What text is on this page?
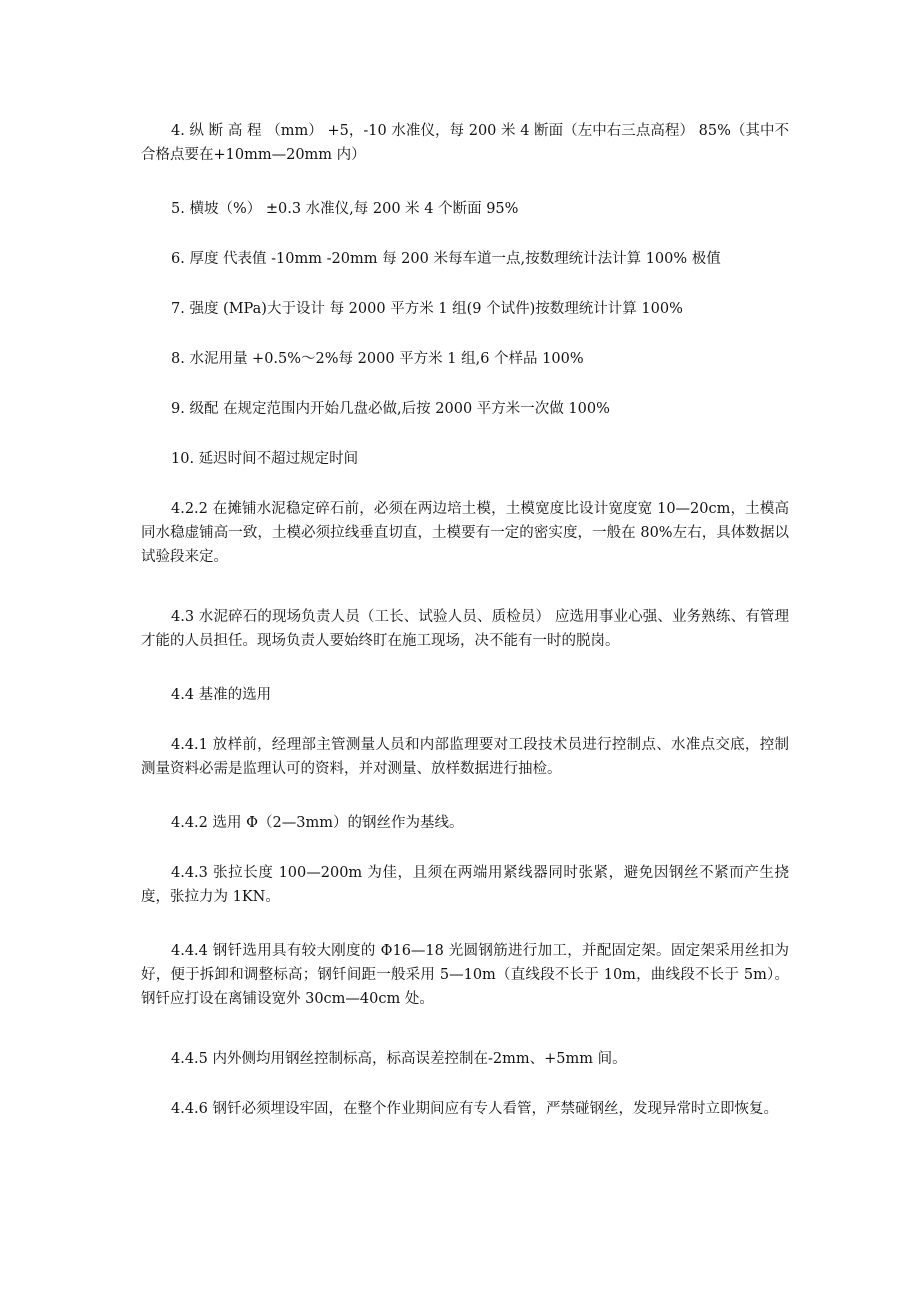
4. 纵 断 高 程 （mm） +5，-10 水准仪，每 200 米 4 断面（左中右三点高程） 85%（其中不合格点要在+10mm—20mm 内）

5. 横坡（%） ±0.3 水准仪,每 200 米 4 个断面 95%

6. 厚度 代表值 -10mm -20mm 每 200 米每车道一点,按数理统计法计算 100% 极值

7. 强度 (MPa)大于设计 每 2000 平方米 1 组(9 个试件)按数理统计计算 100%

8. 水泥用量 +0.5%～2%每 2000 平方米 1 组,6 个样品 100%

9. 级配 在规定范围内开始几盘必做,后按 2000 平方米一次做 100%

10. 延迟时间不超过规定时间

4.2.2 在摊铺水泥稳定碎石前，必须在两边培土模，土模宽度比设计宽度宽 10—20cm，土模高同水稳虚铺高一致，土模必须拉线垂直切直，土模要有一定的密实度，一般在 80%左右，具体数据以试验段来定。

4.3 水泥碎石的现场负责人员（工长、试验人员、质检员） 应选用事业心强、业务熟练、有管理才能的人员担任。现场负责人要始终盯在施工现场，决不能有一时的脱岗。

4.4 基准的选用

4.4.1 放样前，经理部主管测量人员和内部监理要对工段技术员进行控制点、水准点交底，控制测量资料必需是监理认可的资料，并对测量、放样数据进行抽检。

4.4.2 选用 Φ（2—3mm）的钢丝作为基线。

4.4.3 张拉长度 100—200m 为佳，且须在两端用紧线器同时张紧，避免因钢丝不紧而产生挠度，张拉力为 1KN。

4.4.4 钢钎选用具有较大刚度的 Φ16—18 光圆钢筋进行加工，并配固定架。固定架采用丝扣为好，便于拆卸和调整标高；钢钎间距一般采用 5—10m（直线段不长于 10m，曲线段不长于 5m）。钢钎应打设在离铺设宽外 30cm—40cm 处。

4.4.5 内外侧均用钢丝控制标高，标高误差控制在-2mm、+5mm 间。

4.4.6 钢钎必须埋设牢固，在整个作业期间应有专人看管，严禁碰钢丝，发现异常时立即恢复。
